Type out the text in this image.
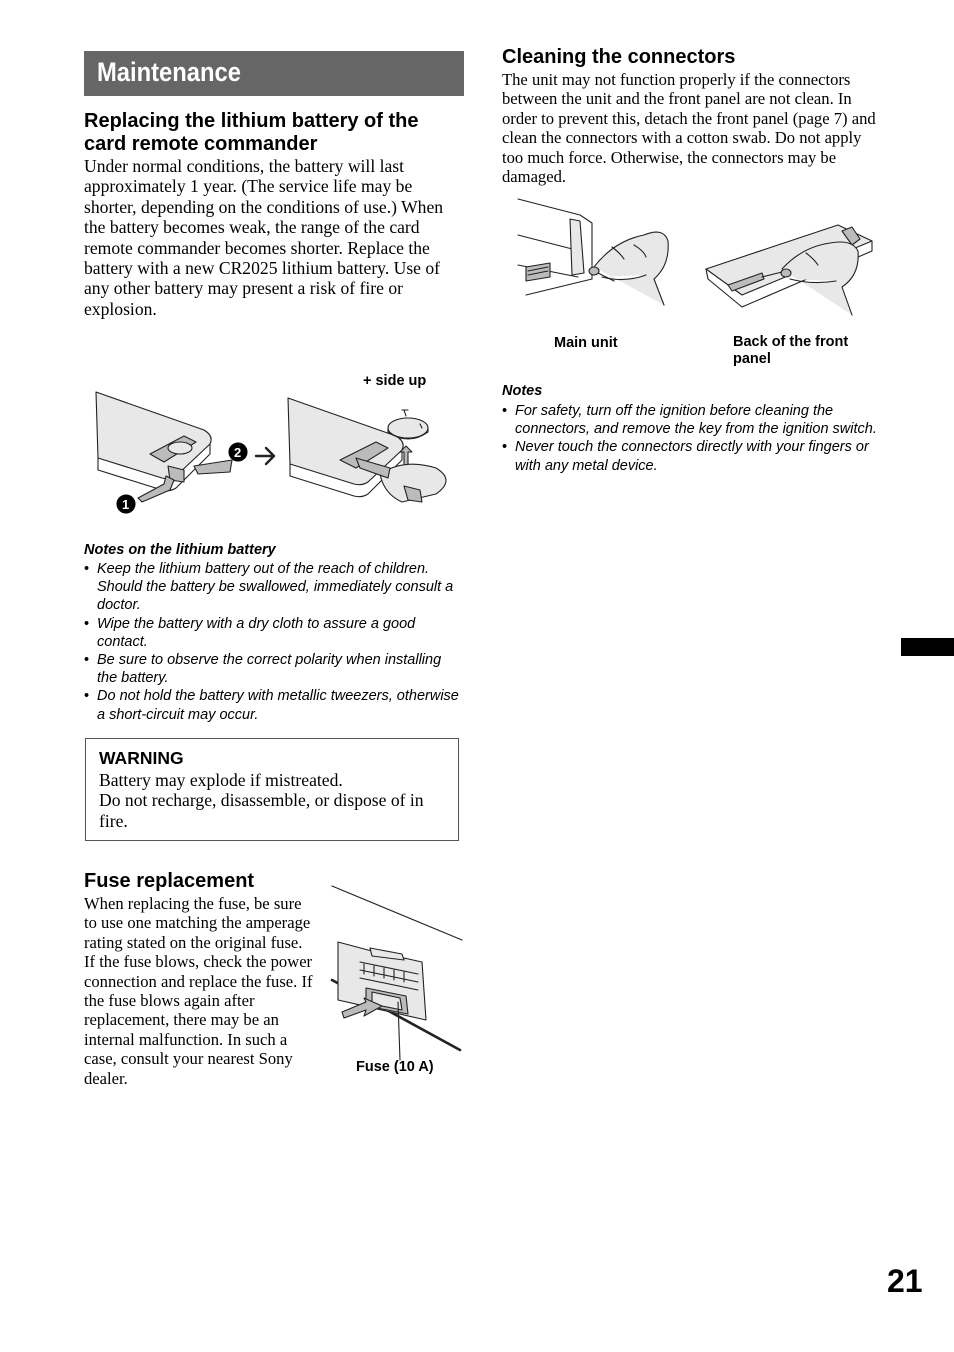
Maintenance
Replacing the lithium battery of the card remote commander

Under normal conditions, the battery will last approximately 1 year. (The service life may be shorter, depending on the conditions of use.) When the battery becomes weak, the range of the card remote commander becomes shorter. Replace the battery with a new CR2025 lithium battery. Use of any other battery may present a risk of fire or explosion.

+ side up
1
2

Notes on the lithium battery

• Keep the lithium battery out of the reach of children. Should the battery be swallowed, immediately consult a doctor.
• Wipe the battery with a dry cloth to assure a good contact.
• Be sure to observe the correct polarity when installing the battery.
• Do not hold the battery with metallic tweezers, otherwise a short-circuit may occur.

WARNING

Battery may explode if mistreated.
Do not recharge, disassemble, or dispose of in fire.

Fuse replacement

When replacing the fuse, be sure to use one matching the amperage rating stated on the original fuse. If the fuse blows, check the power connection and replace the fuse. If the fuse blows again after replacement, there may be an internal malfunction. In such a case, consult your nearest Sony dealer.

Fuse (10 A)
Cleaning the connectors

The unit may not function properly if the connectors between the unit and the front panel are not clean. In order to prevent this, detach the front panel (page 7) and clean the connectors with a cotton swab. Do not apply too much force. Otherwise, the connectors may be damaged.

Main unit	Back of the front panel

Notes

• For safety, turn off the ignition before cleaning the connectors, and remove the key from the ignition switch.
• Never touch the connectors directly with your fingers or with any metal device.
21
